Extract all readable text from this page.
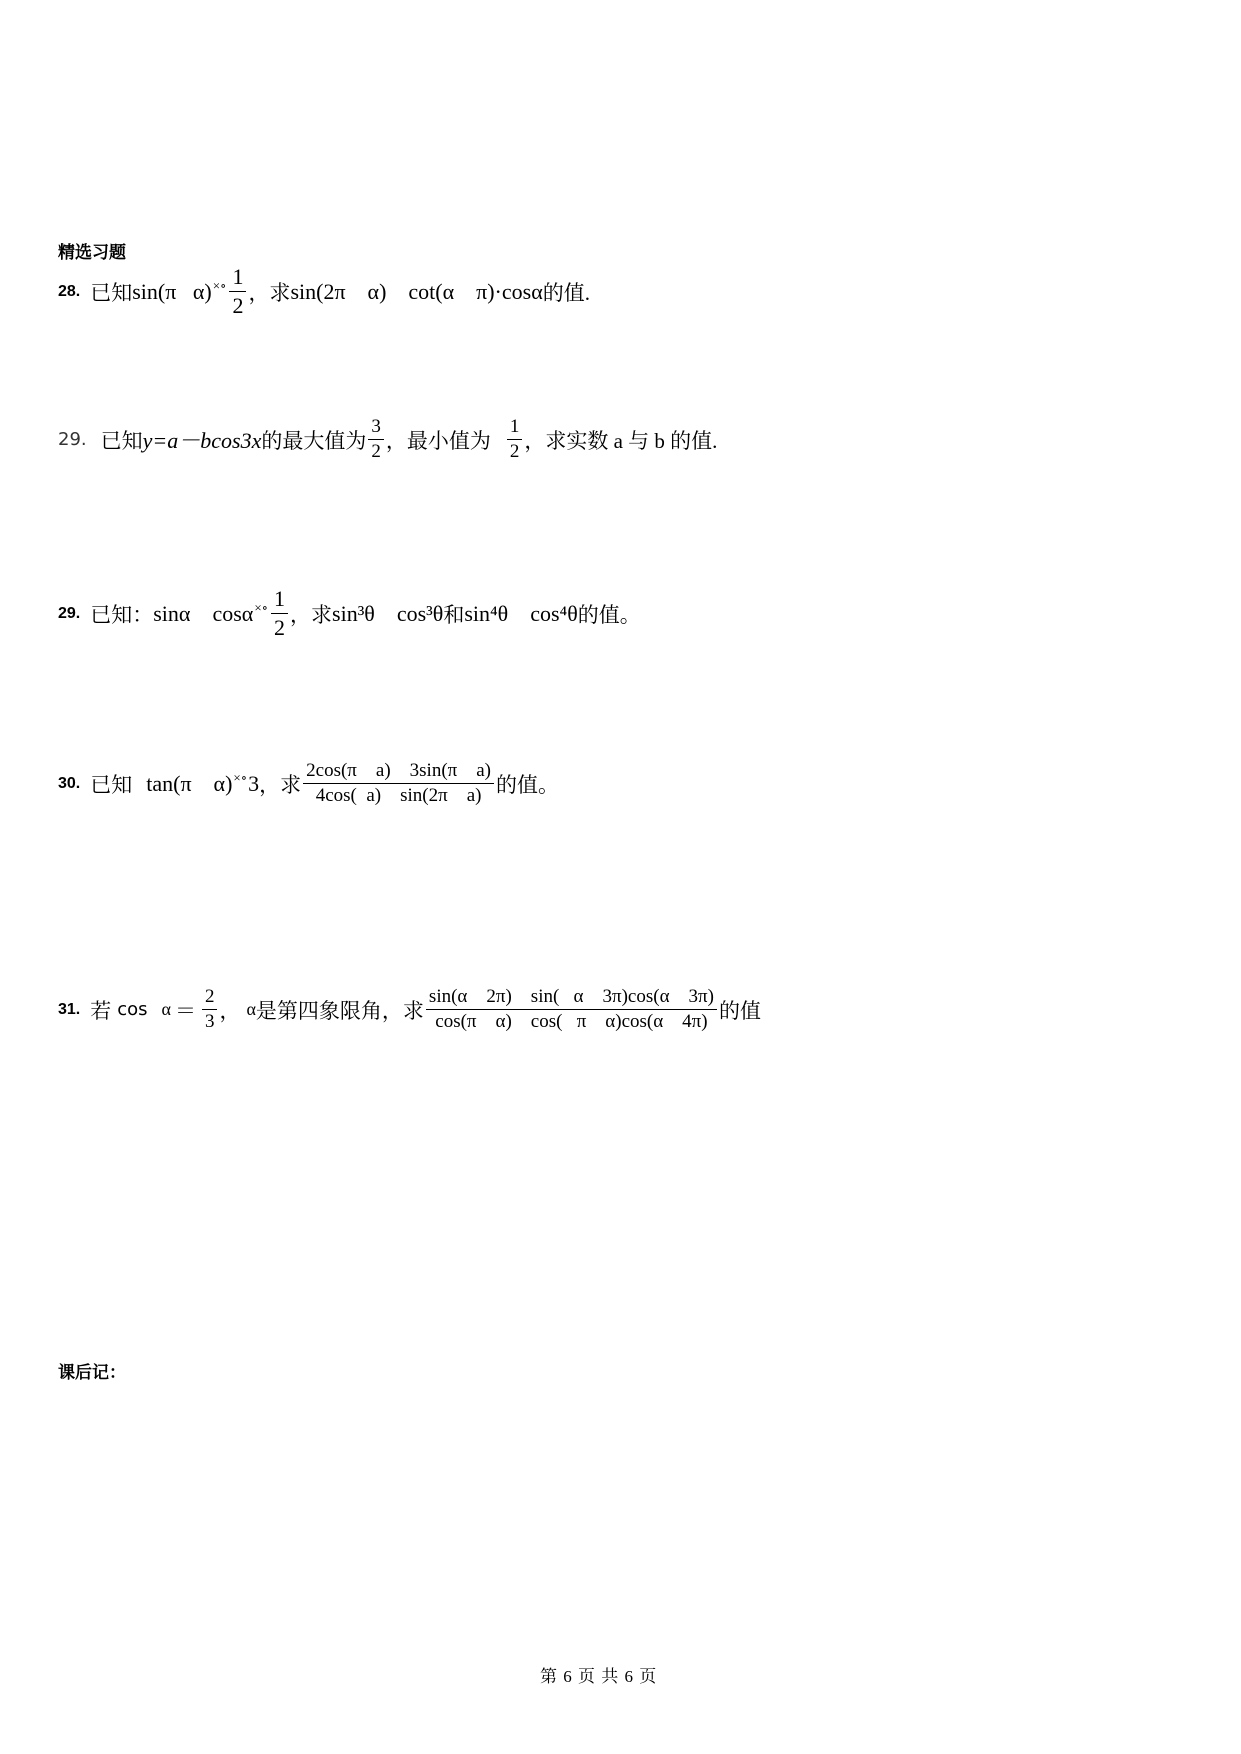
精选习题
28. 已知 sin(π   α) ×∘ $\frac{1}{2}$ ，求 sin(2π    α)    cot(α    π)·cosα 的值.
29. 已知 y=a－bcos3x 的最大值为 $\frac{3}{2}$ ，最小值为 $\frac{1}{2}$ ，求实数 a 与 b 的值.
29. 已知： sinα    cosα ×∘ $\frac{1}{2}$ ，求 sin³θ    cos³θ 和 sin⁴θ    cos⁴θ 的值。
30. 已知 tan(π    α) ×∘ 3 ，求 $\frac{\text{2cos(π    a)    3sin(π    a)}}{\text{4cos(  a)    sin(2π    a)}}$ 的值。
31. 若 $\cos \alpha = \frac{2}{3}$ ， α 是第四象限角，求 $\frac{\sin(\alpha 2\pi) \sin( \alpha 3\pi)\cos(\alpha 3\pi)}{\text{cos(π    α)    cos(   π    α)cos(α    4π)}}$ 的值
课后记：
第 6 页 共 6 页
